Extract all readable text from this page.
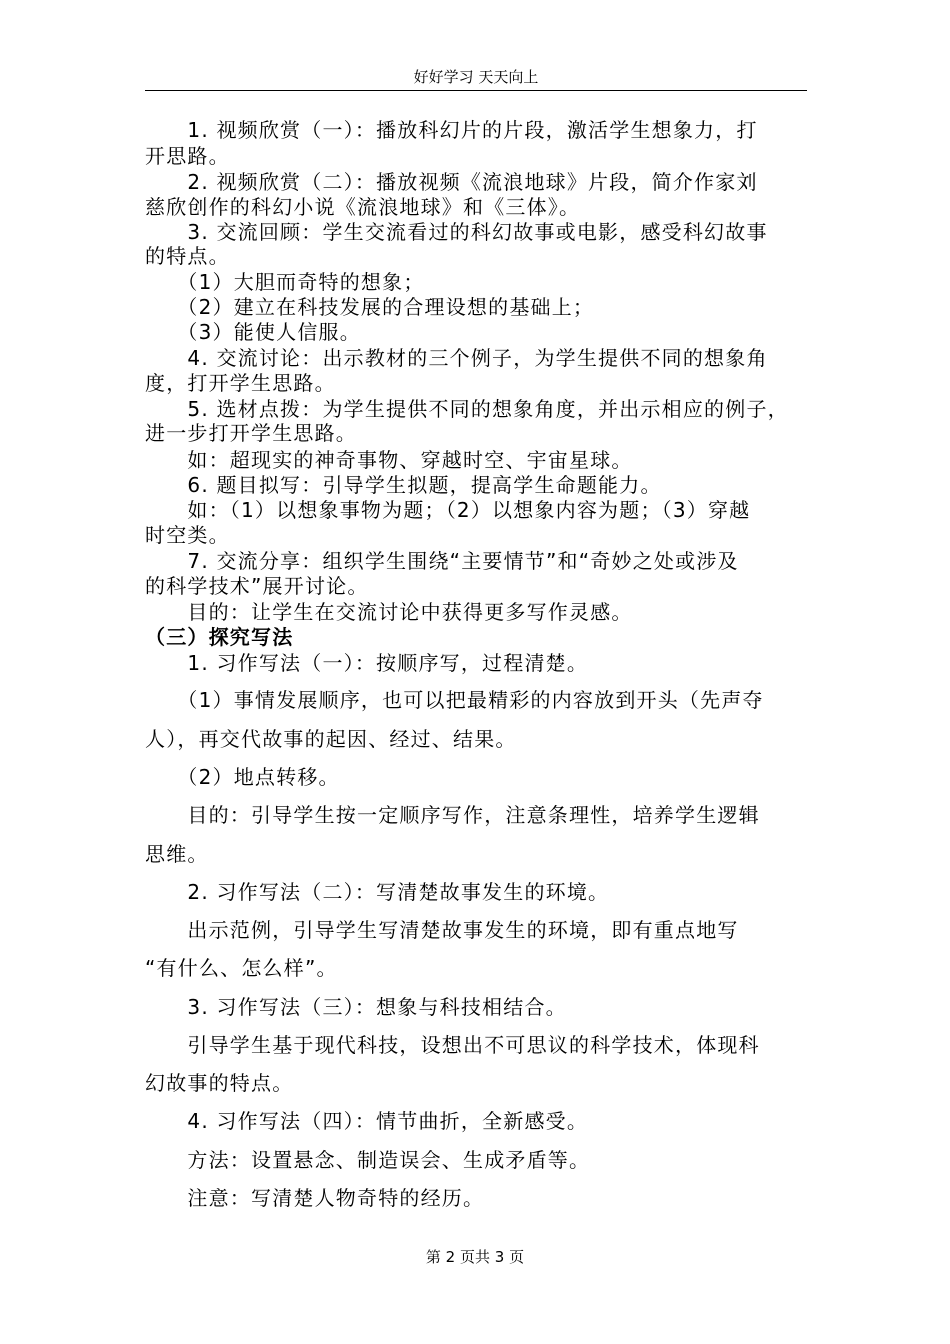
好好学习 天天向上
　　1. 视频欣赏（一）：播放科幻片的片段，激活学生想象力，打
开思路。
　　2. 视频欣赏（二）：播放视频《流浪地球》片段，简介作家刘
慈欣创作的科幻小说《流浪地球》和《三体》。
　　3. 交流回顾：学生交流看过的科幻故事或电影，感受科幻故事
的特点。
　　（1）大胆而奇特的想象；
　　（2）建立在科技发展的合理设想的基础上；
　　（3）能使人信服。
　　4. 交流讨论：出示教材的三个例子，为学生提供不同的想象角
度，打开学生思路。
　　5. 选材点拨：为学生提供不同的想象角度，并出示相应的例子，
进一步打开学生思路。
　　如：超现实的神奇事物、穿越时空、宇宙星球。
　　6. 题目拟写：引导学生拟题，提高学生命题能力。
　　如：（1）以想象事物为题；（2）以想象内容为题；（3）穿越
时空类。
　　7. 交流分享：组织学生围绕“主要情节”和“奇妙之处或涉及
的科学技术”展开讨论。
　　目的：让学生在交流讨论中获得更多写作灵感。
（三）探究写法
　　1. 习作写法（一）：按顺序写，过程清楚。
　　（1）事情发展顺序，也可以把最精彩的内容放到开头（先声夺
人），再交代故事的起因、经过、结果。
　　（2）地点转移。
　　目的：引导学生按一定顺序写作，注意条理性，培养学生逻辑
思维。
　　2. 习作写法（二）：写清楚故事发生的环境。
　　出示范例，引导学生写清楚故事发生的环境，即有重点地写
“有什么、怎么样”。
　　3. 习作写法（三）：想象与科技相结合。
　　引导学生基于现代科技，设想出不可思议的科学技术，体现科
幻故事的特点。
　　4. 习作写法（四）：情节曲折，全新感受。
　　方法：设置悬念、制造误会、生成矛盾等。
　　注意：写清楚人物奇特的经历。
第 2 页共 3 页
